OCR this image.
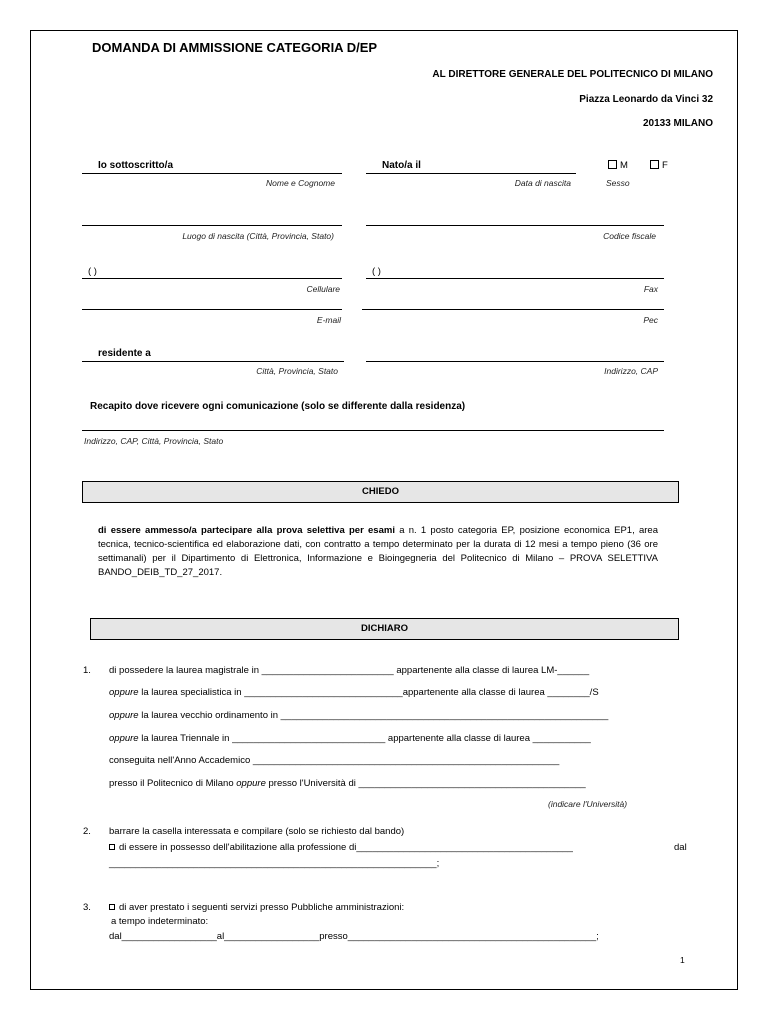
DOMANDA DI AMMISSIONE CATEGORIA D/EP
AL DIRETTORE GENERALE DEL POLITECNICO DI MILANO
Piazza Leonardo da Vinci 32
20133 MILANO
Io sottoscritto/a
Nome e Cognome
Nato/a il
Data di nascita
M	F
Sesso
Luogo di nascita (Città, Provincia, Stato)	Codice fiscale
( )
Cellulare
( )
Fax
E-mail	Pec
residente a
Città, Provincia, Stato	Indirizzo, CAP
Recapito dove ricevere ogni comunicazione (solo se differente dalla residenza)
Indirizzo, CAP, Città, Provincia, Stato
CHIEDO
di essere ammesso/a partecipare alla prova selettiva per esami a n. 1 posto categoria EP, posizione economica EP1, area tecnica, tecnico-scientifica ed elaborazione dati, con contratto a tempo determinato per la durata di 12 mesi a tempo pieno (36 ore settimanali) per il Dipartimento di Elettronica, Informazione e Bioingegneria del Politecnico di Milano – PROVA SELETTIVA BANDO_DEIB_TD_27_2017.
DICHIARO
1. di possedere la laurea magistrale in _________________________ appartenente alla classe di laurea LM-______
oppure la laurea specialistica in ______________________________appartenente alla classe di laurea ________/S
oppure la laurea vecchio ordinamento in ______________________________________________________________
oppure la laurea Triennale in _____________________________ appartenente alla classe di laurea ___________
conseguita nell'Anno Accademico __________________________________________________________
presso il Politecnico di Milano oppure presso l'Università di ___________________________________________
(indicare l'Università)
2. barrare la casella interessata e compilare (solo se richiesto dal bando)
di essere in possesso dell'abilitazione alla professione di_________________________________________	dal
______________________________________________________________;
3.	di aver prestato i seguenti servizi presso Pubbliche amministrazioni:
a tempo indeterminato:
dal__________________al__________________presso_______________________________________________;
1
